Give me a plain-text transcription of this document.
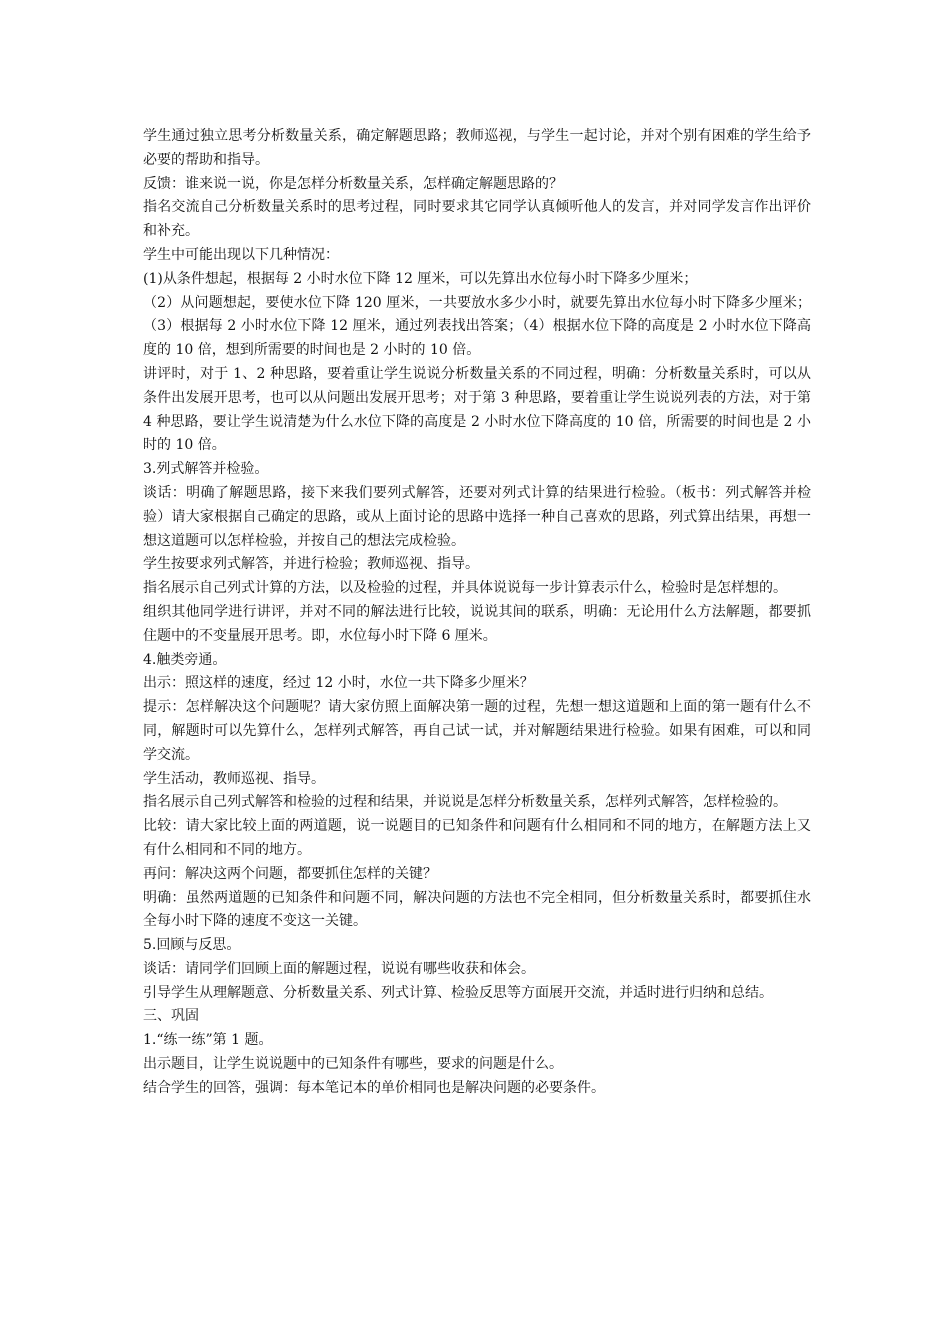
学生通过独立思考分析数量关系，确定解题思路；教师巡视，与学生一起讨论，并对个别有困难的学生给予必要的帮助和指导。

反馈：谁来说一说，你是怎样分析数量关系，怎样确定解题思路的？

指名交流自己分析数量关系时的思考过程，同时要求其它同学认真倾听他人的发言，并对同学发言作出评价和补充。

学生中可能出现以下几种情况：

(1)从条件想起，根据每 2 小时水位下降 12 厘米，可以先算出水位每小时下降多少厘米；

（2）从问题想起，要使水位下降 120 厘米，一共要放水多少小时，就要先算出水位每小时下降多少厘米；（3）根据每 2 小时水位下降 12 厘米，通过列表找出答案；（4）根据水位下降的高度是 2 小时水位下降高度的 10 倍，想到所需要的时间也是 2 小时的 10 倍。

讲评时，对于 1、2 种思路，要着重让学生说说分析数量关系的不同过程，明确：分析数量关系时，可以从条件出发展开思考，也可以从问题出发展开思考；对于第 3 种思路，要着重让学生说说列表的方法，对于第 4 种思路，要让学生说清楚为什么水位下降的高度是 2 小时水位下降高度的 10 倍，所需要的时间也是 2 小时的 10 倍。

3.列式解答并检验。

谈话：明确了解题思路，接下来我们要列式解答，还要对列式计算的结果进行检验。（板书：列式解答并检验）请大家根据自己确定的思路，或从上面讨论的思路中选择一种自己喜欢的思路，列式算出结果，再想一想这道题可以怎样检验，并按自己的想法完成检验。

学生按要求列式解答，并进行检验；教师巡视、指导。

指名展示自己列式计算的方法，以及检验的过程，并具体说说每一步计算表示什么，检验时是怎样想的。

组织其他同学进行讲评，并对不同的解法进行比较，说说其间的联系，明确：无论用什么方法解题，都要抓住题中的不变量展开思考。即，水位每小时下降 6 厘米。

4.触类旁通。

出示：照这样的速度，经过 12 小时，水位一共下降多少厘米？

提示：怎样解决这个问题呢？请大家仿照上面解决第一题的过程，先想一想这道题和上面的第一题有什么不同，解题时可以先算什么，怎样列式解答，再自己试一试，并对解题结果进行检验。如果有困难，可以和同学交流。

学生活动，教师巡视、指导。

指名展示自己列式解答和检验的过程和结果，并说说是怎样分析数量关系，怎样列式解答，怎样检验的。

比较：请大家比较上面的两道题，说一说题目的已知条件和问题有什么相同和不同的地方，在解题方法上又有什么相同和不同的地方。

再问：解决这两个问题，都要抓住怎样的关键？

明确：虽然两道题的已知条件和问题不同，解决问题的方法也不完全相同，但分析数量关系时，都要抓住水全每小时下降的速度不变这一关键。

5.回顾与反思。

谈话：请同学们回顾上面的解题过程，说说有哪些收获和体会。

引导学生从理解题意、分析数量关系、列式计算、检验反思等方面展开交流，并适时进行归纳和总结。

三、巩固

1.“练一练”第 1 题。

出示题目，让学生说说题中的已知条件有哪些，要求的问题是什么。

结合学生的回答，强调：每本笔记本的单价相同也是解决问题的必要条件。
